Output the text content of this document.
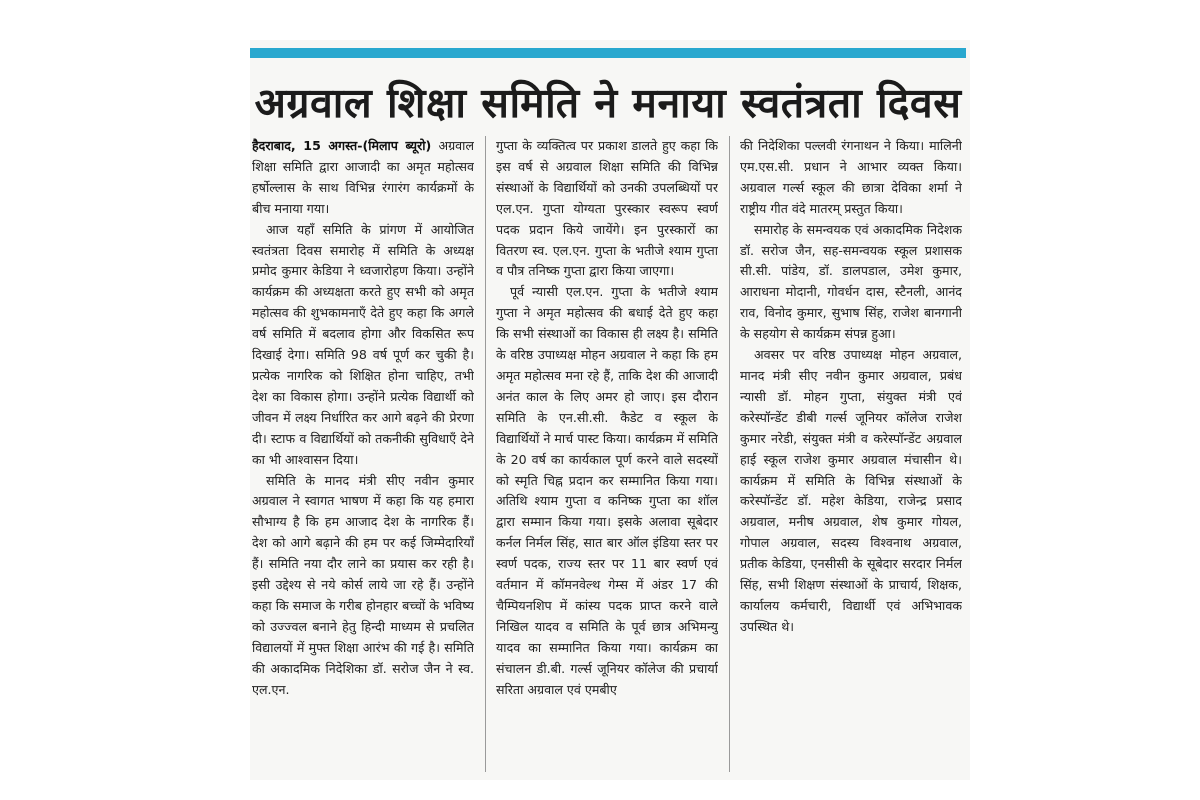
अग्रवाल शिक्षा समिति ने मनाया स्वतंत्रता दिवस

हैदराबाद, 15 अगस्त-(मिलाप ब्यूरो) अग्रवाल शिक्षा समिति द्वारा आजादी का अमृत महोत्सव हर्षोल्लास के साथ विभिन्न रंगारंग कार्यक्रमों के बीच मनाया गया।

आज यहाँ समिति के प्रांगण में आयोजित स्वतंत्रता दिवस समारोह में समिति के अध्यक्ष प्रमोद कुमार केडिया ने ध्वजारोहण किया। उन्होंने कार्यक्रम की अध्यक्षता करते हुए सभी को अमृत महोत्सव की शुभकामनाएँ देते हुए कहा कि अगले वर्ष समिति में बदलाव होगा और विकसित रूप दिखाई देगा। समिति 98 वर्ष पूर्ण कर चुकी है। प्रत्येक नागरिक को शिक्षित होना चाहिए, तभी देश का विकास होगा। उन्होंने प्रत्येक विद्यार्थी को जीवन में लक्ष्य निर्धारित कर आगे बढ़ने की प्रेरणा दी। स्टाफ व विद्यार्थियों को तकनीकी सुविधाएँ देने का भी आश्वासन दिया।

समिति के मानद मंत्री सीए नवीन कुमार अग्रवाल ने स्वागत भाषण में कहा कि यह हमारा सौभाग्य है कि हम आजाद देश के नागरिक हैं। देश को आगे बढ़ाने की हम पर कई जिम्मेदारियाँ हैं। समिति नया दौर लाने का प्रयास कर रही है। इसी उद्देश्य से नये कोर्स लाये जा रहे हैं। उन्होंने कहा कि समाज के गरीब होनहार बच्चों के भविष्य को उज्ज्वल बनाने हेतु हिन्दी माध्यम से प्रचलित विद्यालयों में मुफ्त शिक्षा आरंभ की गई है। समिति की अकादमिक निदेशिका डॉ. सरोज जैन ने स्व. एल.एन.

गुप्ता के व्यक्तित्व पर प्रकाश डालते हुए कहा कि इस वर्ष से अग्रवाल शिक्षा समिति की विभिन्न संस्थाओं के विद्यार्थियों को उनकी उपलब्धियों पर एल.एन. गुप्ता योग्यता पुरस्कार स्वरूप स्वर्ण पदक प्रदान किये जायेंगे। इन पुरस्कारों का वितरण स्व. एल.एन. गुप्ता के भतीजे श्याम गुप्ता व पौत्र तनिष्क गुप्ता द्वारा किया जाएगा।

पूर्व न्यासी एल.एन. गुप्ता के भतीजे श्याम गुप्ता ने अमृत महोत्सव की बधाई देते हुए कहा कि सभी संस्थाओं का विकास ही लक्ष्य है। समिति के वरिष्ठ उपाध्यक्ष मोहन अग्रवाल ने कहा कि हम अमृत महोत्सव मना रहे हैं, ताकि देश की आजादी अनंत काल के लिए अमर हो जाए। इस दौरान समिति के एन.सी.सी. कैडेट व स्कूल के विद्यार्थियों ने मार्च पास्ट किया। कार्यक्रम में समिति के 20 वर्ष का कार्यकाल पूर्ण करने वाले सदस्यों को स्मृति चिह्न प्रदान कर सम्मानित किया गया। अतिथि श्याम गुप्ता व कनिष्क गुप्ता का शॉल द्वारा सम्मान किया गया। इसके अलावा सूबेदार कर्नल निर्मल सिंह, सात बार ऑल इंडिया स्तर पर स्वर्ण पदक, राज्य स्तर पर 11 बार स्वर्ण एवं वर्तमान में कॉमनवेल्थ गेम्स में अंडर 17 की चैम्पियनशिप में कांस्य पदक प्राप्त करने वाले निखिल यादव व समिति के पूर्व छात्र अभिमन्यु यादव का सम्मानित किया गया। कार्यक्रम का संचालन डी.बी. गर्ल्स जूनियर कॉलेज की प्रचार्या सरिता अग्रवाल एवं एमबीए

की निदेशिका पल्लवी रंगनाथन ने किया। मालिनी एम.एस.सी. प्रधान ने आभार व्यक्त किया। अग्रवाल गर्ल्स स्कूल की छात्रा देविका शर्मा ने राष्ट्रीय गीत वंदे मातरम् प्रस्तुत किया।

समारोह के समन्वयक एवं अकादमिक निदेशक डॉ. सरोज जैन, सह-समन्वयक स्कूल प्रशासक सी.सी. पांडेय, डॉ. डालपडाल, उमेश कुमार, आराधना मोदानी, गोवर्धन दास, स्टैनली, आनंद राव, विनोद कुमार, सुभाष सिंह, राजेश बानगानी के सहयोग से कार्यक्रम संपन्न हुआ।

अवसर पर वरिष्ठ उपाध्यक्ष मोहन अग्रवाल, मानद मंत्री सीए नवीन कुमार अग्रवाल, प्रबंध न्यासी डॉ. मोहन गुप्ता, संयुक्त मंत्री एवं करेस्पॉन्डेंट डीबी गर्ल्स जूनियर कॉलेज राजेश कुमार नरेडी, संयुक्त मंत्री व करेस्पॉन्डेंट अग्रवाल हाई स्कूल राजेश कुमार अग्रवाल मंचासीन थे। कार्यक्रम में समिति के विभिन्न संस्थाओं के करेस्पॉन्डेंट डॉ. महेश केडिया, राजेन्द्र प्रसाद अग्रवाल, मनीष अग्रवाल, शेष कुमार गोयल, गोपाल अग्रवाल, सदस्य विश्वनाथ अग्रवाल, प्रतीक केडिया, एनसीसी के सूबेदार सरदार निर्मल सिंह, सभी शिक्षण संस्थाओं के प्राचार्य, शिक्षक, कार्यालय कर्मचारी, विद्यार्थी एवं अभिभावक उपस्थित थे।
